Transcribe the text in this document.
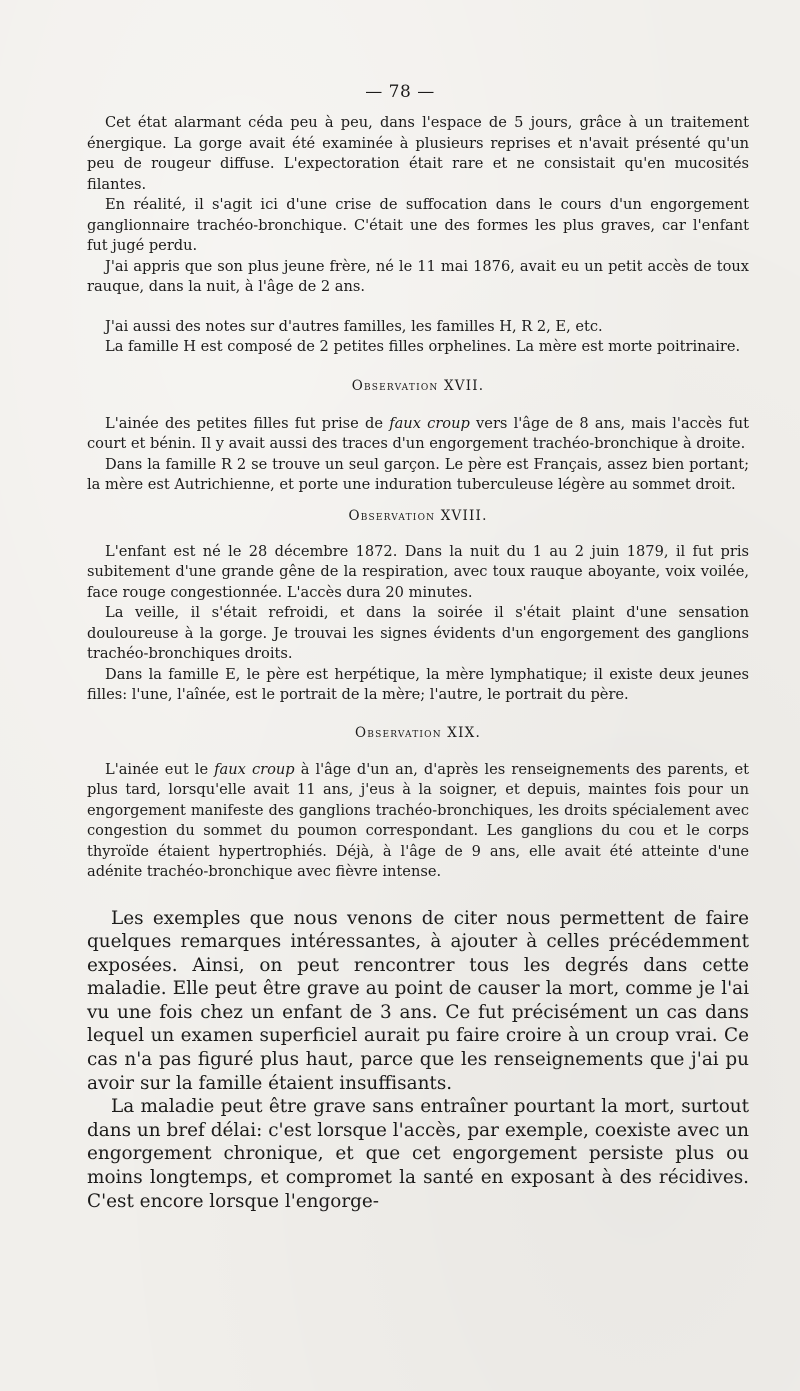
— 78 —

Cet état alarmant céda peu à peu, dans l'espace de 5 jours, grâce à un traitement énergique. La gorge avait été examinée à plusieurs reprises et n'avait présenté qu'un peu de rougeur diffuse. L'expectoration était rare et ne consistait qu'en mucosités filantes.

En réalité, il s'agit ici d'une crise de suffocation dans le cours d'un engorgement ganglionnaire trachéo-bronchique. C'était une des formes les plus graves, car l'enfant fut jugé perdu.

J'ai appris que son plus jeune frère, né le 11 mai 1876, avait eu un petit accès de toux rauque, dans la nuit, à l'âge de 2 ans.

J'ai aussi des notes sur d'autres familles, les familles H, R 2, E, etc.

La famille H est composé de 2 petites filles orphelines. La mère est morte poitrinaire.

Observation XVII.

L'ainée des petites filles fut prise de faux croup vers l'âge de 8 ans, mais l'accès fut court et bénin. Il y avait aussi des traces d'un engorgement trachéo-bronchique à droite.

Dans la famille R 2 se trouve un seul garçon. Le père est Français, assez bien portant; la mère est Autrichienne, et porte une induration tuberculeuse légère au sommet droit.

Observation XVIII.

L'enfant est né le 28 décembre 1872. Dans la nuit du 1 au 2 juin 1879, il fut pris subitement d'une grande gêne de la respiration, avec toux rauque aboyante, voix voilée, face rouge congestionnée. L'accès dura 20 minutes.

La veille, il s'était refroidi, et dans la soirée il s'était plaint d'une sensation douloureuse à la gorge. Je trouvai les signes évidents d'un engorgement des ganglions trachéo-bronchiques droits.

Dans la famille E, le père est herpétique, la mère lymphatique; il existe deux jeunes filles: l'une, l'aînée, est le portrait de la mère; l'autre, le portrait du père.

Observation XIX.

L'ainée eut le faux croup à l'âge d'un an, d'après les renseignements des parents, et plus tard, lorsqu'elle avait 11 ans, j'eus à la soigner, et depuis, maintes fois pour un engorgement manifeste des ganglions trachéo-bronchiques, les droits spécialement avec congestion du sommet du poumon correspondant. Les ganglions du cou et le corps thyroïde étaient hypertrophiés. Déjà, à l'âge de 9 ans, elle avait été atteinte d'une adénite trachéo-bronchique avec fièvre intense.

Les exemples que nous venons de citer nous permettent de faire quelques remarques intéressantes, à ajouter à celles précédemment exposées. Ainsi, on peut rencontrer tous les degrés dans cette maladie. Elle peut être grave au point de causer la mort, comme je l'ai vu une fois chez un enfant de 3 ans. Ce fut précisément un cas dans lequel un examen superficiel aurait pu faire croire à un croup vrai. Ce cas n'a pas figuré plus haut, parce que les renseignements que j'ai pu avoir sur la famille étaient insuffisants.

La maladie peut être grave sans entraîner pourtant la mort, surtout dans un bref délai: c'est lorsque l'accès, par exemple, coexiste avec un engorgement chronique, et que cet engorgement persiste plus ou moins longtemps, et compromet la santé en exposant à des récidives. C'est encore lorsque l'engorge-
